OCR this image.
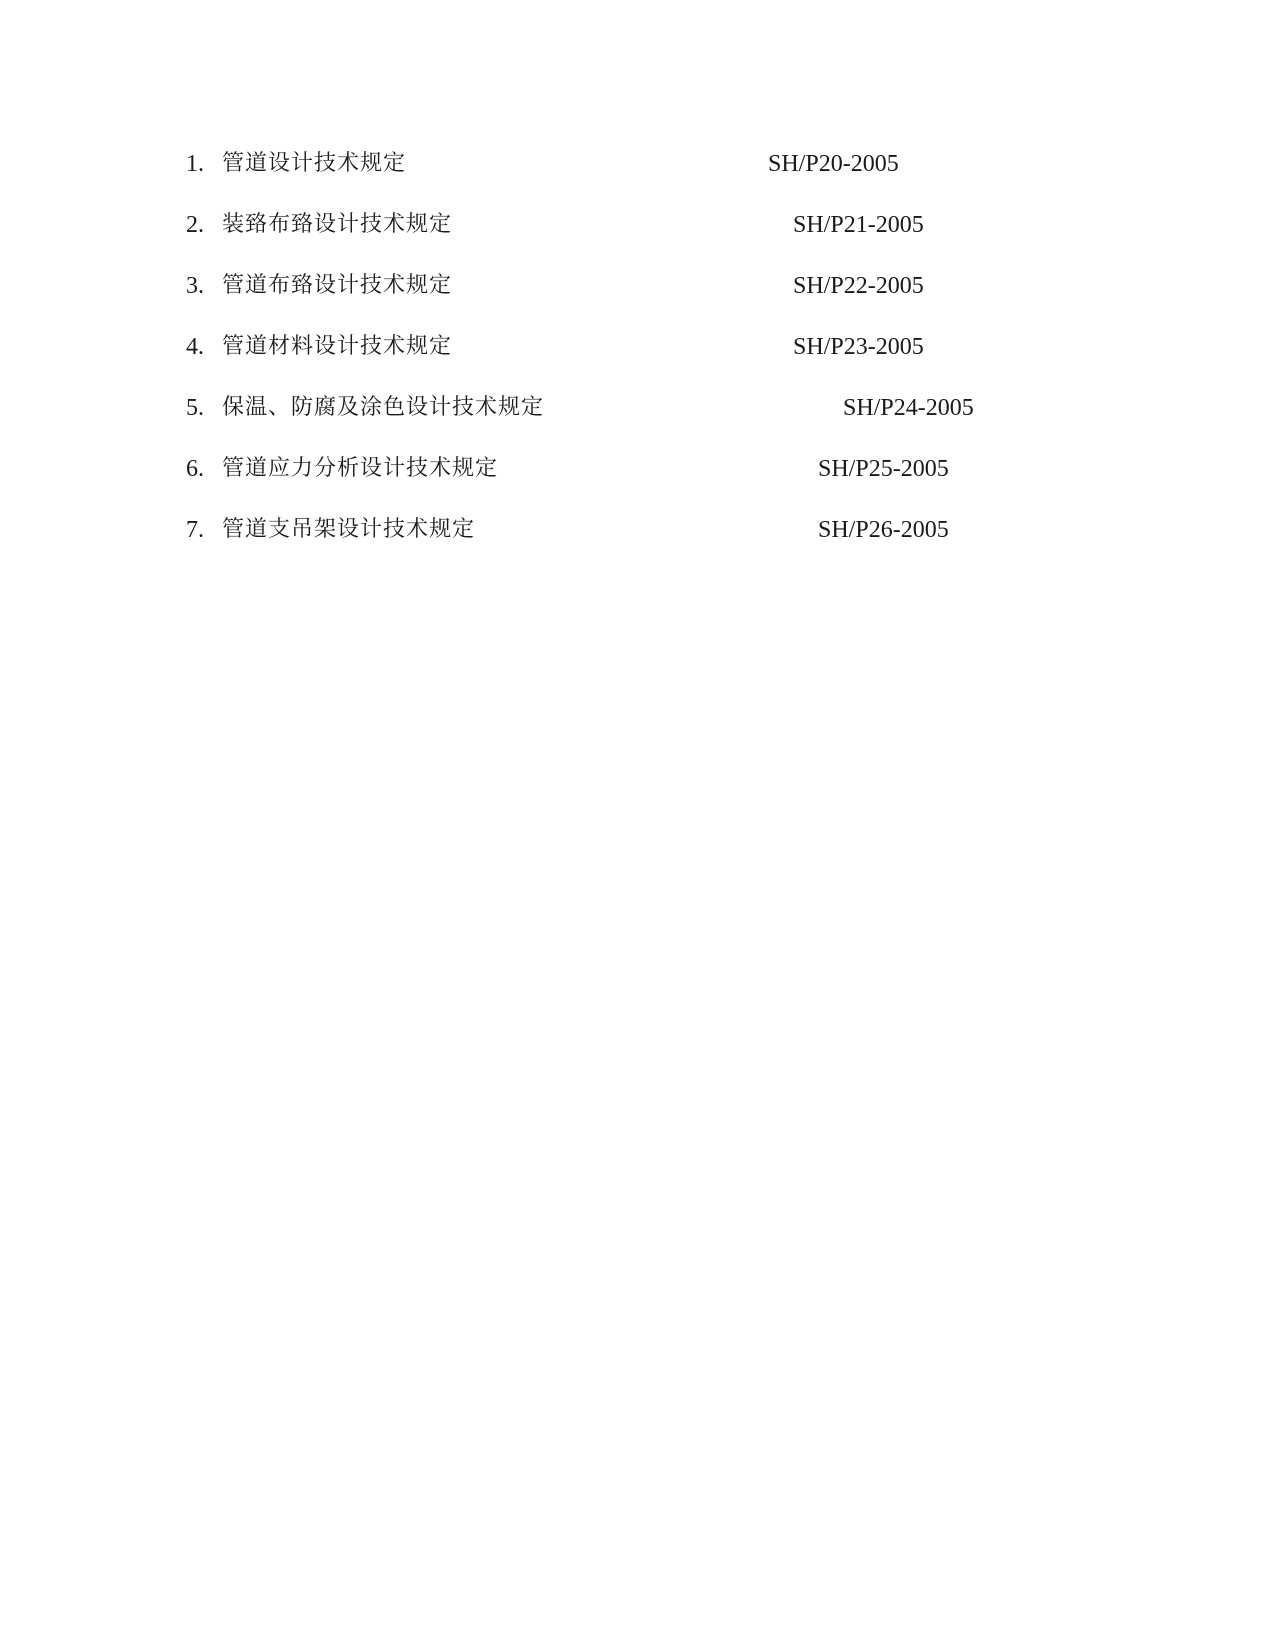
1. 管道设计技术规定	SH/P20-2005
2. 装臵布臵设计技术规定	SH/P21-2005
3. 管道布臵设计技术规定	SH/P22-2005
4. 管道材料设计技术规定	SH/P23-2005
5. 保温、防腐及涂色设计技术规定	SH/P24-2005
6. 管道应力分析设计技术规定	SH/P25-2005
7. 管道支吊架设计技术规定	SH/P26-2005
